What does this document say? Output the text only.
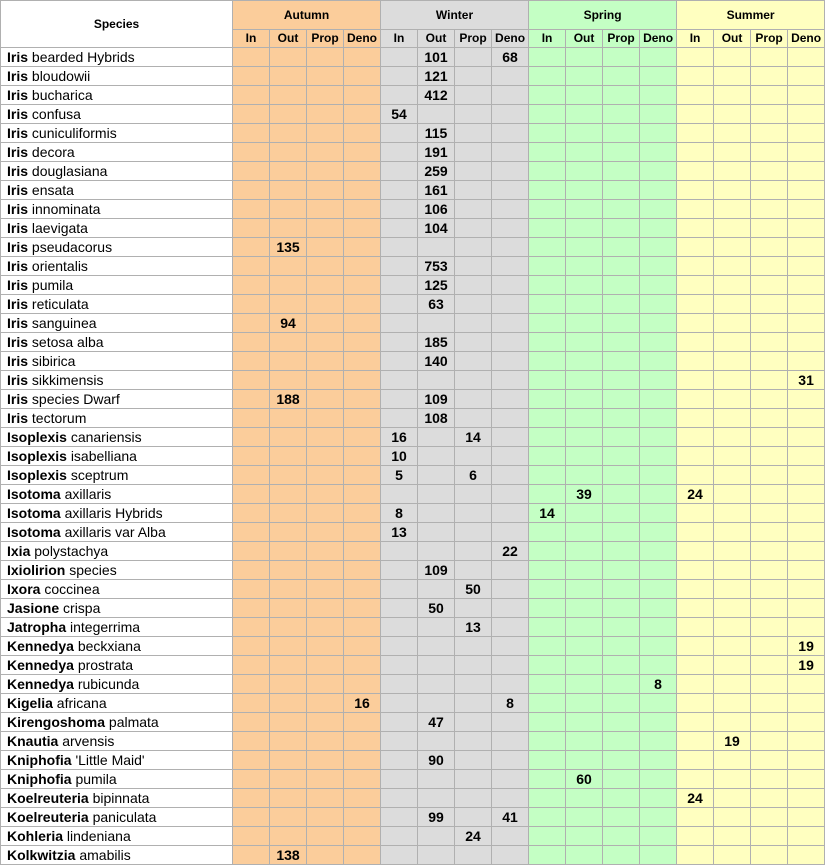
Species	Autumn				Winter				Spring				Summer			
	In	Out	Prop	Deno	In	Out	Prop	Deno	In	Out	Prop	Deno	In	Out	Prop	Deno
Iris bearded Hybrids						101		68								
Iris bloudowii						121										
Iris bucharica						412										
Iris confusa					54											
Iris cuniculiformis						115										
Iris decora						191										
Iris douglasiana						259										
Iris ensata						161										
Iris innominata						106										
Iris laevigata						104										
Iris pseudacorus		135														
Iris orientalis						753										
Iris pumila						125										
Iris reticulata						63										
Iris sanguinea		94														
Iris setosa alba						185										
Iris sibirica						140										
Iris sikkimensis																31
Iris species Dwarf		188				109										
Iris tectorum						108										
Isoplexis canariensis					16		14									
Isoplexis isabelliana					10											
Isoplexis sceptrum					5		6									
Isotoma axillaris										39			24			
Isotoma axillaris Hybrids					8				14							
Isotoma axillaris var Alba					13											
Ixia polystachya								22								
Ixiolirion species						109										
Ixora coccinea							50									
Jasione crispa						50										
Jatropha integerrima							13									
Kennedya beckxiana																19
Kennedya prostrata																19
Kennedya rubicunda												8				
Kigelia africana				16				8								
Kirengoshoma palmata						47										
Knautia arvensis														19		
Kniphofia 'Little Maid'						90										
Kniphofia pumila										60						
Koelreuteria bipinnata													24			
Koelreuteria paniculata						99		41								
Kohleria lindeniana							24									
Kolkwitzia amabilis		138														
